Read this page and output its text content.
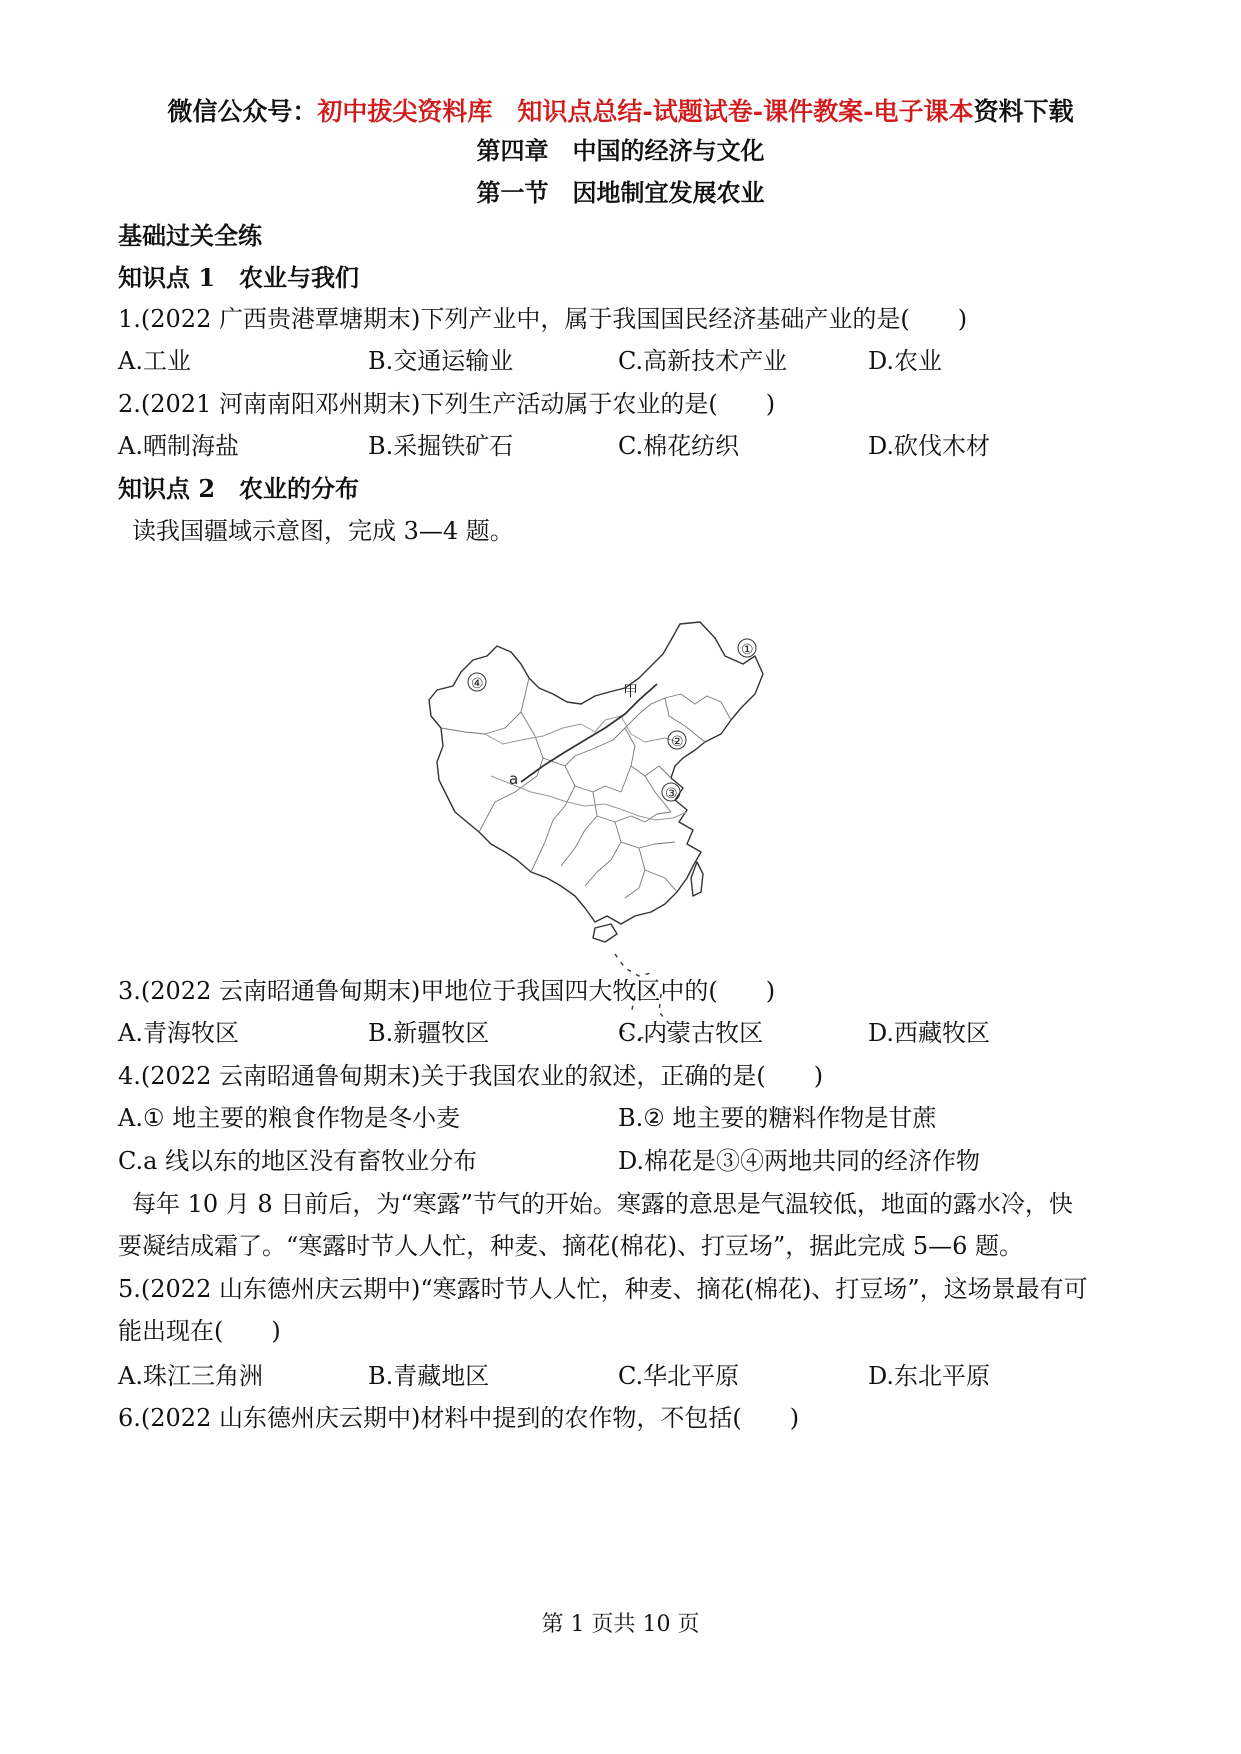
微信公众号：初中拔尖资料库　知识点总结-试题试卷-课件教案-电子课本资料下载
第四章　中国的经济与文化
第一节　因地制宜发展农业
基础过关全练
知识点 1　农业与我们
1.(2022 广西贵港覃塘期末)下列产业中，属于我国国民经济基础产业的是(　　)
A.工业	B.交通运输业	C.高新技术产业	D.农业
2.(2021 河南南阳邓州期末)下列生产活动属于农业的是(　　)
A.晒制海盐	B.采掘铁矿石	C.棉花纺织	D.砍伐木材
知识点 2　农业的分布
读我国疆域示意图，完成 3—4 题。
①
②
③
④	甲
a
3.(2022 云南昭通鲁甸期末)甲地位于我国四大牧区中的(　　)
A.青海牧区	B.新疆牧区	C.内蒙古牧区	D.西藏牧区
4.(2022 云南昭通鲁甸期末)关于我国农业的叙述，正确的是(　　)
A.① 地主要的粮食作物是冬小麦	B.② 地主要的糖料作物是甘蔗
C.a 线以东的地区没有畜牧业分布	D.棉花是③④两地共同的经济作物
每年 10 月 8 日前后，为“寒露”节气的开始。寒露的意思是气温较低，地面的露水冷，快
要凝结成霜了。“寒露时节人人忙，种麦、摘花(棉花)、打豆场”，据此完成 5—6 题。
5.(2022 山东德州庆云期中)“寒露时节人人忙，种麦、摘花(棉花)、打豆场”，这场景最有可
能出现在(　　)
A.珠江三角洲	B.青藏地区	C.华北平原	D.东北平原
6.(2022 山东德州庆云期中)材料中提到的农作物，不包括(　　)
第 1 页共 10 页
